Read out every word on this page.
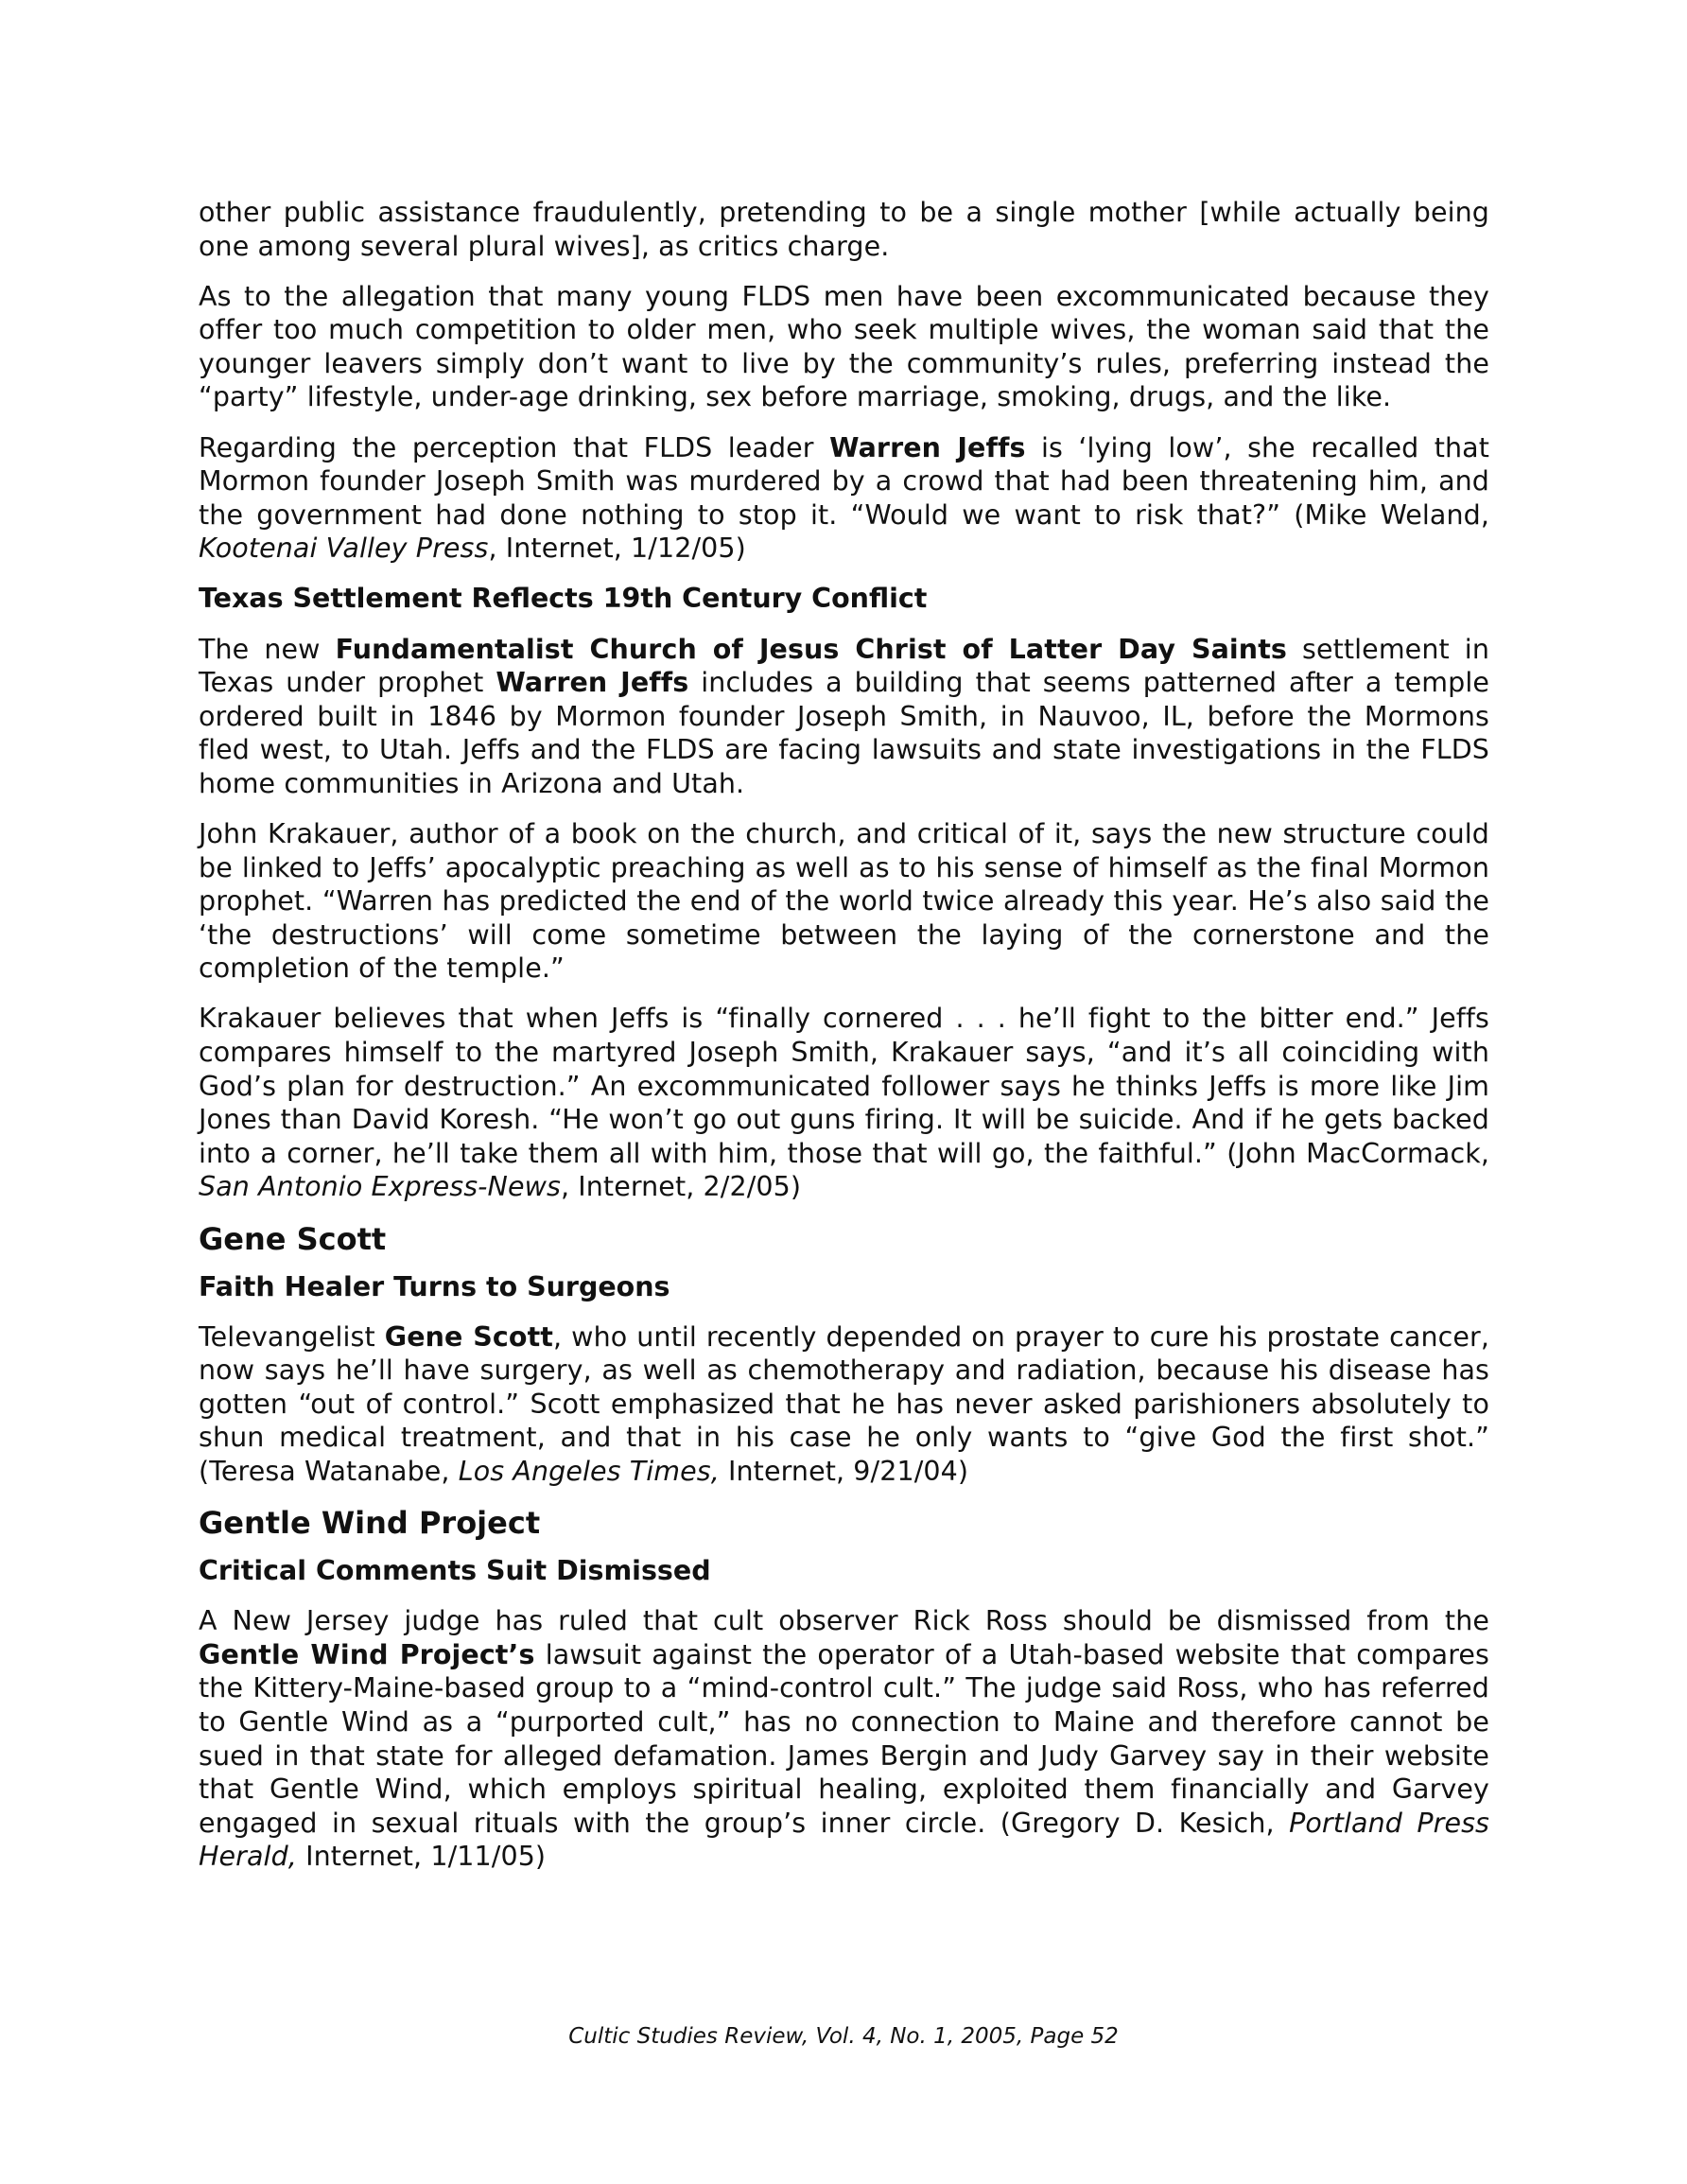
other public assistance fraudulently, pretending to be a single mother [while actually being one among several plural wives], as critics charge.

As to the allegation that many young FLDS men have been excommunicated because they offer too much competition to older men, who seek multiple wives, the woman said that the younger leavers simply don’t want to live by the community’s rules, preferring instead the “party” lifestyle, under-age drinking, sex before marriage, smoking, drugs, and the like.

Regarding the perception that FLDS leader Warren Jeffs is ‘lying low’, she recalled that Mormon founder Joseph Smith was murdered by a crowd that had been threatening him, and the government had done nothing to stop it. “Would we want to risk that?” (Mike Weland, Kootenai Valley Press, Internet, 1/12/05)

Texas Settlement Reflects 19th Century Conflict

The new Fundamentalist Church of Jesus Christ of Latter Day Saints settlement in Texas under prophet Warren Jeffs includes a building that seems patterned after a temple ordered built in 1846 by Mormon founder Joseph Smith, in Nauvoo, IL, before the Mormons fled west, to Utah. Jeffs and the FLDS are facing lawsuits and state investigations in the FLDS home communities in Arizona and Utah.

John Krakauer, author of a book on the church, and critical of it, says the new structure could be linked to Jeffs’ apocalyptic preaching as well as to his sense of himself as the final Mormon prophet. “Warren has predicted the end of the world twice already this year. He’s also said the ‘the destructions’ will come sometime between the laying of the cornerstone and the completion of the temple.”

Krakauer believes that when Jeffs is “finally cornered . . . he’ll fight to the bitter end.” Jeffs compares himself to the martyred Joseph Smith, Krakauer says, “and it’s all coinciding with God’s plan for destruction.” An excommunicated follower says he thinks Jeffs is more like Jim Jones than David Koresh. “He won’t go out guns firing. It will be suicide. And if he gets backed into a corner, he’ll take them all with him, those that will go, the faithful.” (John MacCormack, San Antonio Express-News, Internet, 2/2/05)

Gene Scott
Faith Healer Turns to Surgeons

Televangelist Gene Scott, who until recently depended on prayer to cure his prostate cancer, now says he’ll have surgery, as well as chemotherapy and radiation, because his disease has gotten “out of control.” Scott emphasized that he has never asked parishioners absolutely to shun medical treatment, and that in his case he only wants to “give God the first shot.” (Teresa Watanabe, Los Angeles Times, Internet, 9/21/04)

Gentle Wind Project
Critical Comments Suit Dismissed

A New Jersey judge has ruled that cult observer Rick Ross should be dismissed from the Gentle Wind Project’s lawsuit against the operator of a Utah-based website that compares the Kittery-Maine-based group to a “mind-control cult.” The judge said Ross, who has referred to Gentle Wind as a “purported cult,” has no connection to Maine and therefore cannot be sued in that state for alleged defamation. James Bergin and Judy Garvey say in their website that Gentle Wind, which employs spiritual healing, exploited them financially and Garvey engaged in sexual rituals with the group’s inner circle. (Gregory D. Kesich, Portland Press Herald, Internet, 1/11/05)

Cultic Studies Review, Vol. 4, No. 1, 2005, Page 52
